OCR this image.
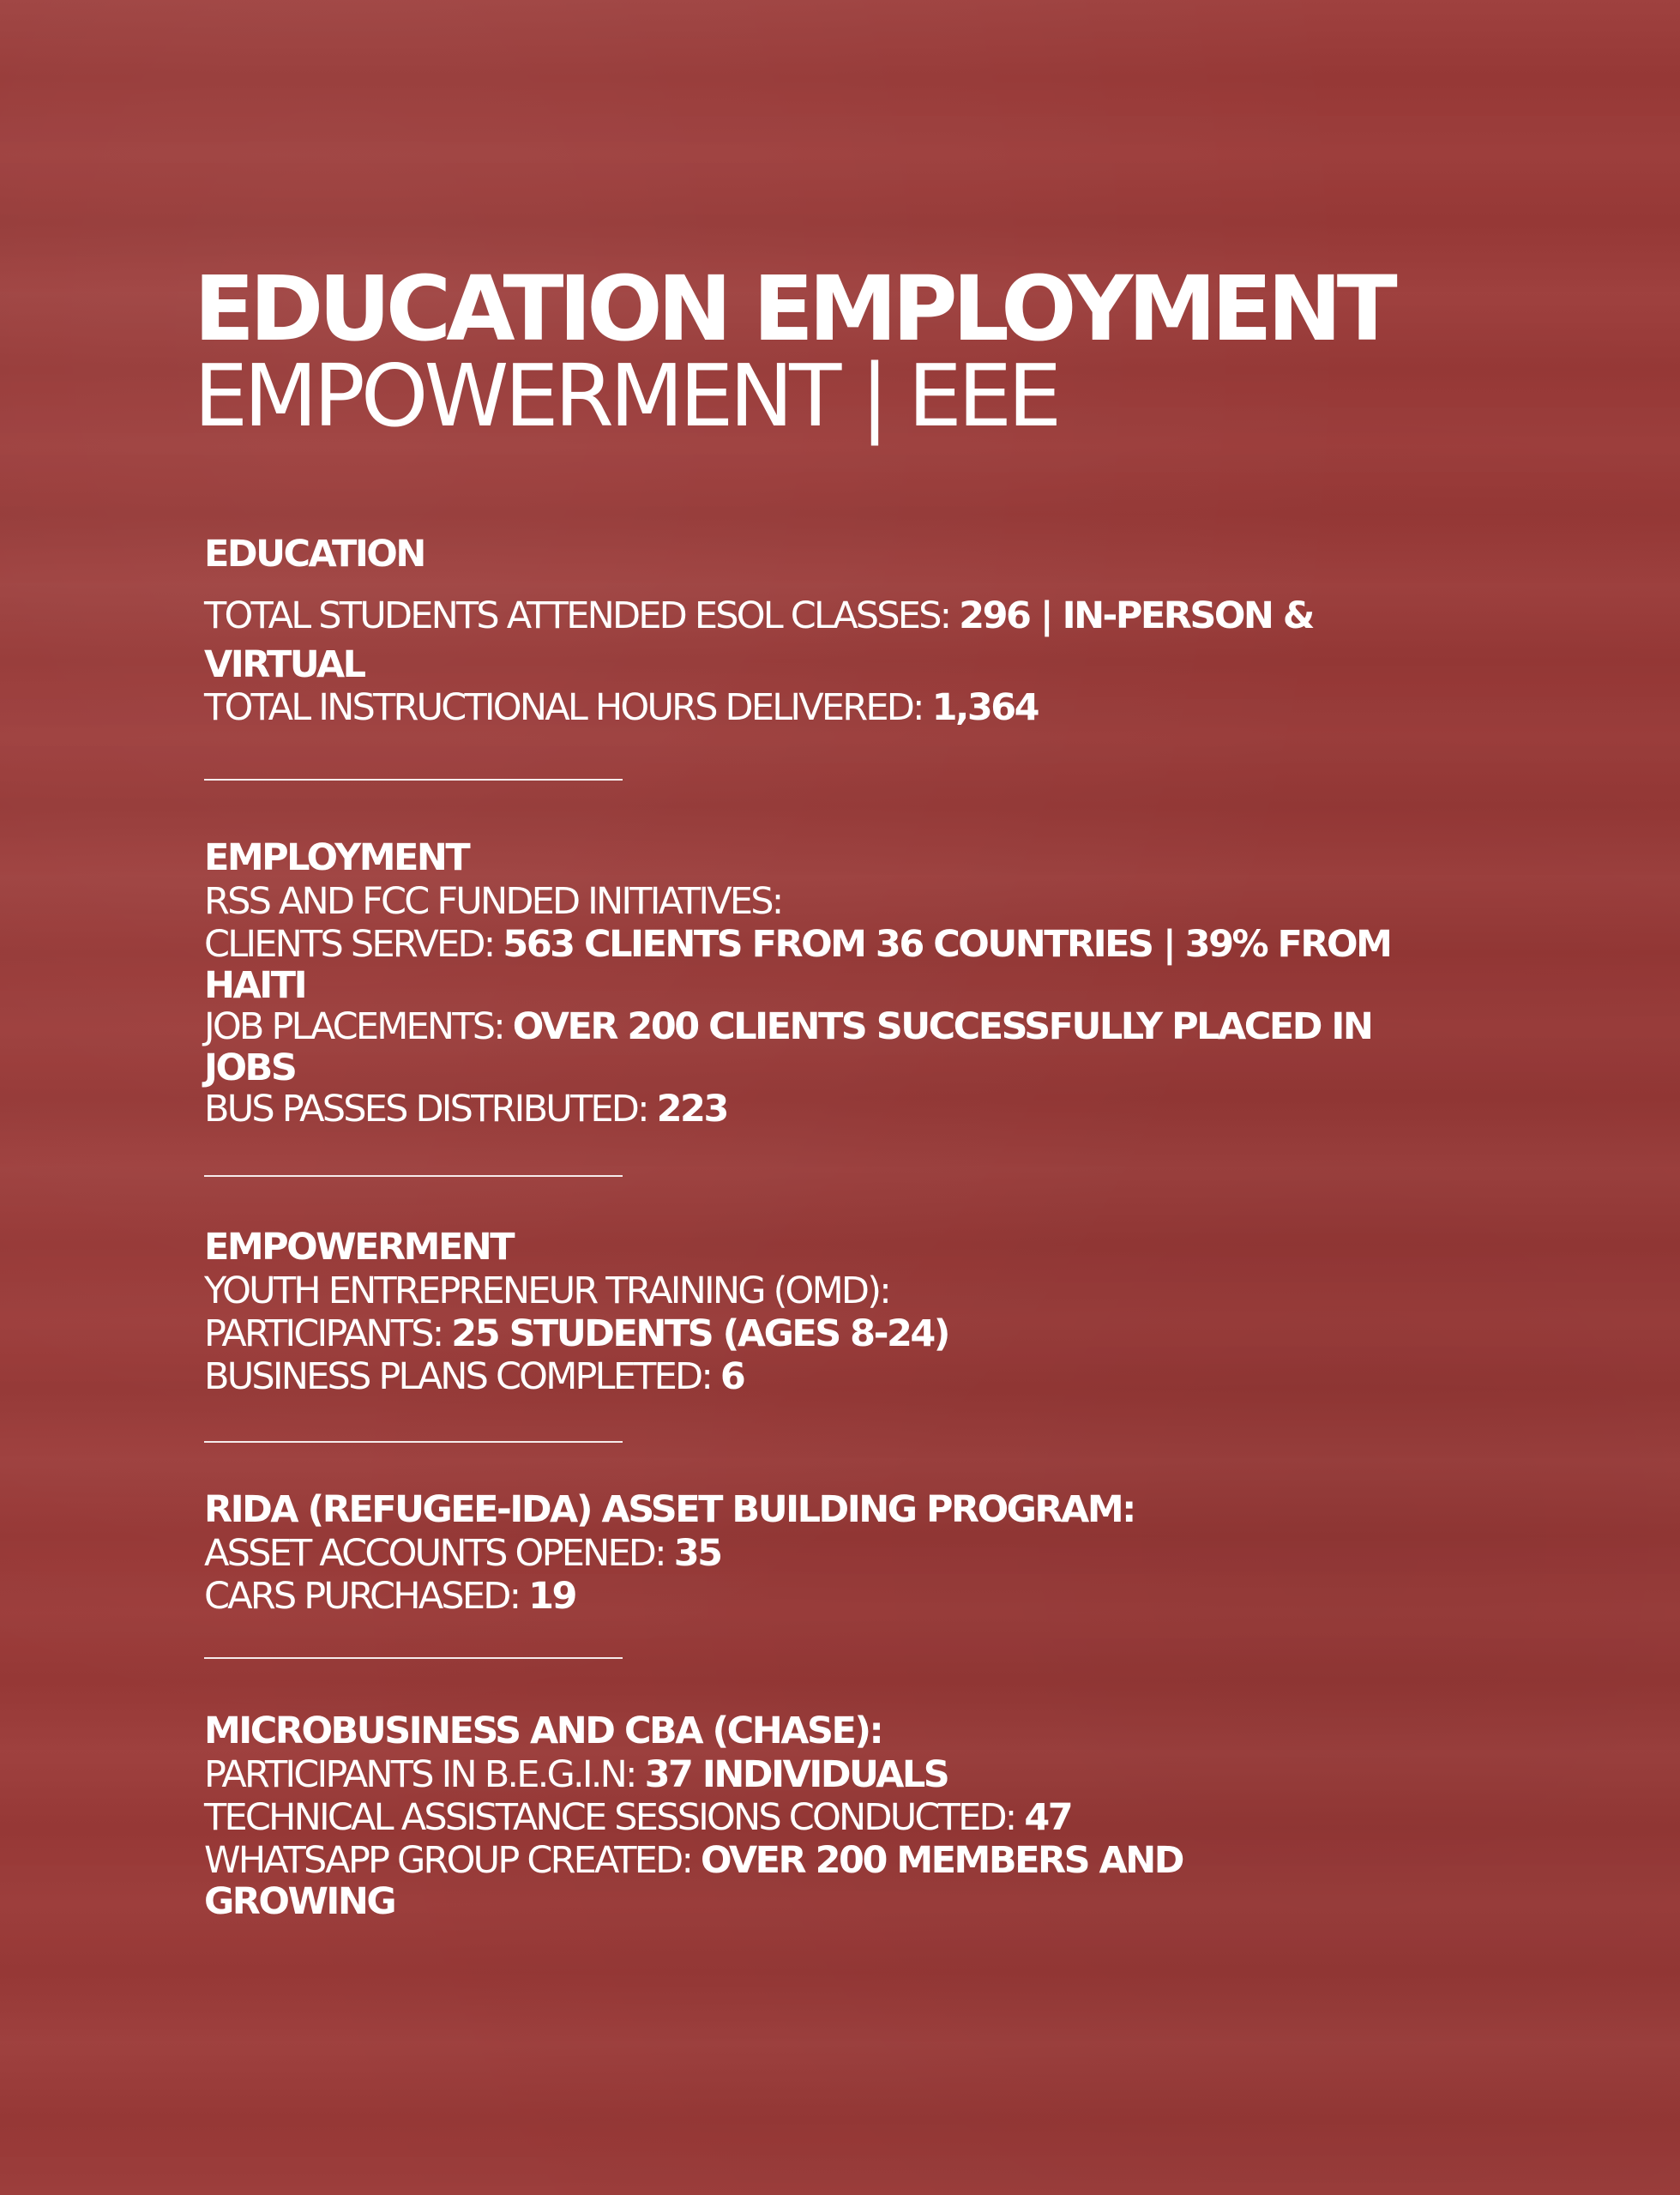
EDUCATION EMPLOYMENT
EMPOWERMENT | EEE
EDUCATION
TOTAL STUDENTS ATTENDED ESOL CLASSES: 296 | IN-PERSON &
VIRTUAL
TOTAL INSTRUCTIONAL HOURS DELIVERED: 1,364
EMPLOYMENT
RSS AND FCC FUNDED INITIATIVES:
CLIENTS SERVED: 563 CLIENTS FROM 36 COUNTRIES | 39% FROM
HAITI
JOB PLACEMENTS: OVER 200 CLIENTS SUCCESSFULLY PLACED IN
JOBS
BUS PASSES DISTRIBUTED: 223
EMPOWERMENT
YOUTH ENTREPRENEUR TRAINING (OMD):
PARTICIPANTS: 25 STUDENTS (AGES 8-24)
BUSINESS PLANS COMPLETED: 6
RIDA (REFUGEE-IDA) ASSET BUILDING PROGRAM:
ASSET ACCOUNTS OPENED: 35
CARS PURCHASED: 19
MICROBUSINESS AND CBA (CHASE):
PARTICIPANTS IN B.E.G.I.N: 37 INDIVIDUALS
TECHNICAL ASSISTANCE SESSIONS CONDUCTED: 47
WHATSAPP GROUP CREATED: OVER 200 MEMBERS AND
GROWING
